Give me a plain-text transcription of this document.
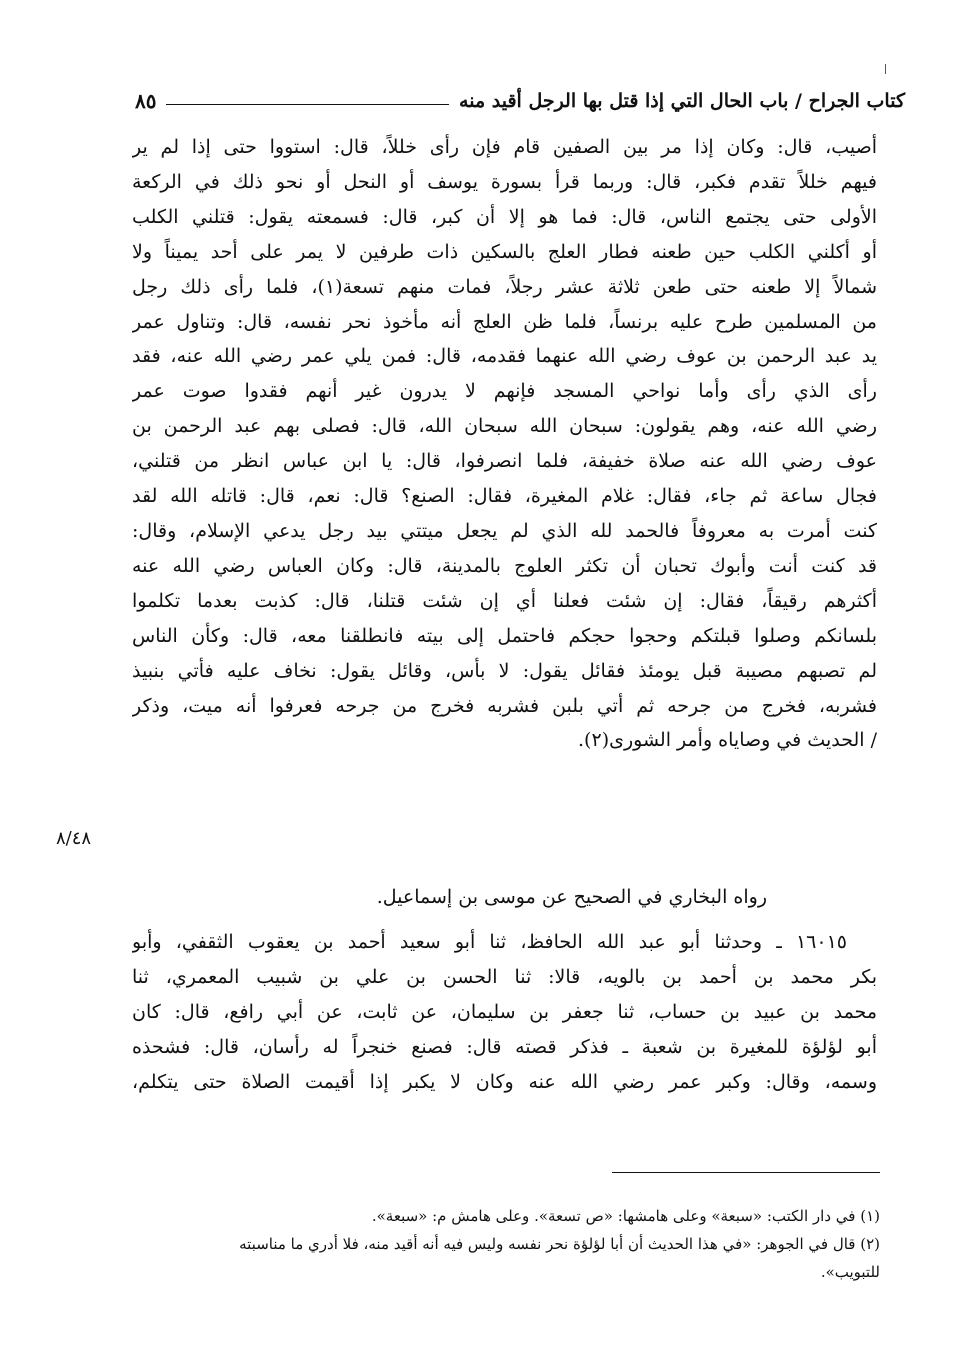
كتاب الجراح / باب الحال التي إذا قتل بها الرجل أقيد منه
٨٥
أصيب، قال: وكان إذا مر بين الصفين قام فإن رأى خللاً، قال: استووا حتى إذا لم ير
فيهم خللاً تقدم فكبر، قال: وربما قرأ بسورة يوسف أو النحل أو نحو ذلك في الركعة
الأولى حتى يجتمع الناس، قال: فما هو إلا أن كبر، قال: فسمعته يقول: قتلني الكلب
أو أكلني الكلب حين طعنه فطار العلج بالسكين ذات طرفين لا يمر على أحد يميناً ولا
شمالاً إلا طعنه حتى طعن ثلاثة عشر رجلاً، فمات منهم تسعة(١)، فلما رأى ذلك رجل
من المسلمين طرح عليه برنساً، فلما ظن العلج أنه مأخوذ نحر نفسه، قال: وتناول عمر
يد عبد الرحمن بن عوف رضي الله عنهما فقدمه، قال: فمن يلي عمر رضي الله عنه، فقد
رأى الذي رأى وأما نواحي المسجد فإنهم لا يدرون غير أنهم فقدوا صوت عمر
رضي الله عنه، وهم يقولون: سبحان الله سبحان الله، قال: فصلى بهم عبد الرحمن بن
عوف رضي الله عنه صلاة خفيفة، فلما انصرفوا، قال: يا ابن عباس انظر من قتلني،
فجال ساعة ثم جاء، فقال: غلام المغيرة، فقال: الصنع؟ قال: نعم، قال: قاتله الله لقد
كنت أمرت به معروفاً فالحمد لله الذي لم يجعل ميتتي بيد رجل يدعي الإسلام، وقال:
قد كنت أنت وأبوك تحبان أن تكثر العلوج بالمدينة، قال: وكان العباس رضي الله عنه
أكثرهم رقيقاً، فقال: إن شئت فعلنا أي إن شئت قتلنا، قال: كذبت بعدما تكلموا
بلسانكم وصلوا قبلتكم وحجوا حجكم فاحتمل إلى بيته فانطلقنا معه، قال: وكأن الناس
لم تصبهم مصيبة قبل يومئذ فقائل يقول: لا بأس، وقائل يقول: نخاف عليه فأتي بنبيذ
فشربه، فخرج من جرحه ثم أتي بلبن فشربه فخرج من جرحه فعرفوا أنه ميت، وذكر
/ الحديث في وصاياه وأمر الشورى(٢).
٨/٤٨
رواه البخاري في الصحيح عن موسى بن إسماعيل.
١٦٠١٥ ـ وحدثنا أبو عبد الله الحافظ، ثنا أبو سعيد أحمد بن يعقوب الثقفي، وأبو
بكر محمد بن أحمد بن بالويه، قالا: ثنا الحسن بن علي بن شبيب المعمري، ثنا
محمد بن عبيد بن حساب، ثنا جعفر بن سليمان، عن ثابت، عن أبي رافع، قال: كان
أبو لؤلؤة للمغيرة بن شعبة ـ فذكر قصته قال: فصنع خنجراً له رأسان، قال: فشحذه
وسمه، وقال: وكبر عمر رضي الله عنه وكان لا يكبر إذا أقيمت الصلاة حتى يتكلم،
(١) في دار الكتب: «سبعة» وعلى هامشها: «ص تسعة». وعلى هامش م: «سبعة».
(٢) قال في الجوهر: «في هذا الحديث أن أبا لؤلؤة نحر نفسه وليس فيه أنه أقيد منه، فلا أدري ما مناسبته
للتبويب».
